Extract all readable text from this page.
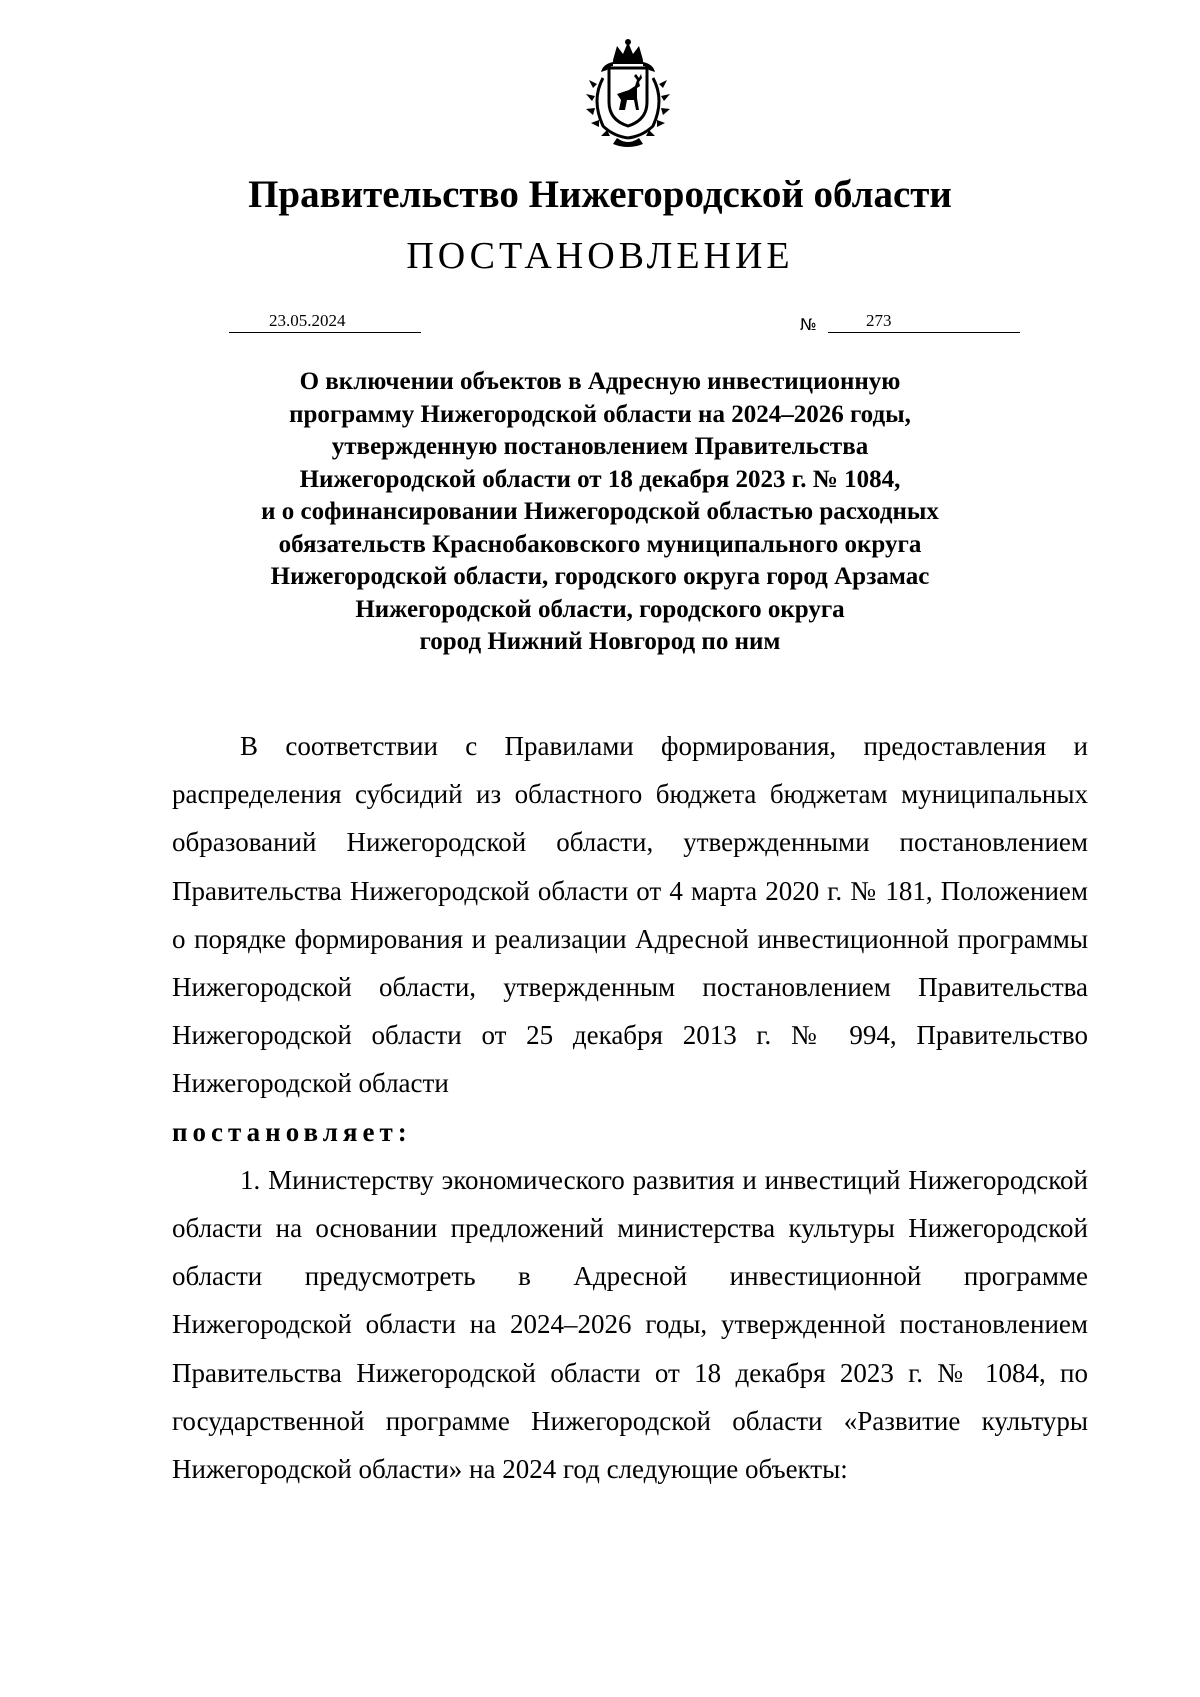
Правительство Нижегородской области
ПОСТАНОВЛЕНИЕ
23.05.2024	№	273
О включении объектов в Адресную инвестиционную
программу Нижегородской области на 2024–2026 годы,
утвержденную постановлением Правительства
Нижегородской области от 18 декабря 2023 г. № 1084,
и о софинансировании Нижегородской областью расходных
обязательств Краснобаковского муниципального округа
Нижегородской области, городского округа город Арзамас
Нижегородской области, городского округа
город Нижний Новгород по ним

В соответствии с Правилами формирования, предоставления и распределения субсидий из областного бюджета бюджетам муниципальных образований Нижегородской области, утвержденными постановлением Правительства Нижегородской области от 4 марта 2020 г. № 181, Положением о порядке формирования и реализации Адресной инвестиционной программы Нижегородской области, утвержденным постановлением Правительства Нижегородской области от 25 декабря 2013 г. № 994, Правительство Нижегородской области

постановляет:

1. Министерству экономического развития и инвестиций Нижегородской области на основании предложений министерства культуры Нижегородской области предусмотреть в Адресной инвестиционной программе Нижегородской области на 2024–2026 годы, утвержденной постановлением Правительства Нижегородской области от 18 декабря 2023 г. № 1084, по государственной программе Нижегородской области «Развитие культуры Нижегородской области» на 2024 год следующие объекты:
